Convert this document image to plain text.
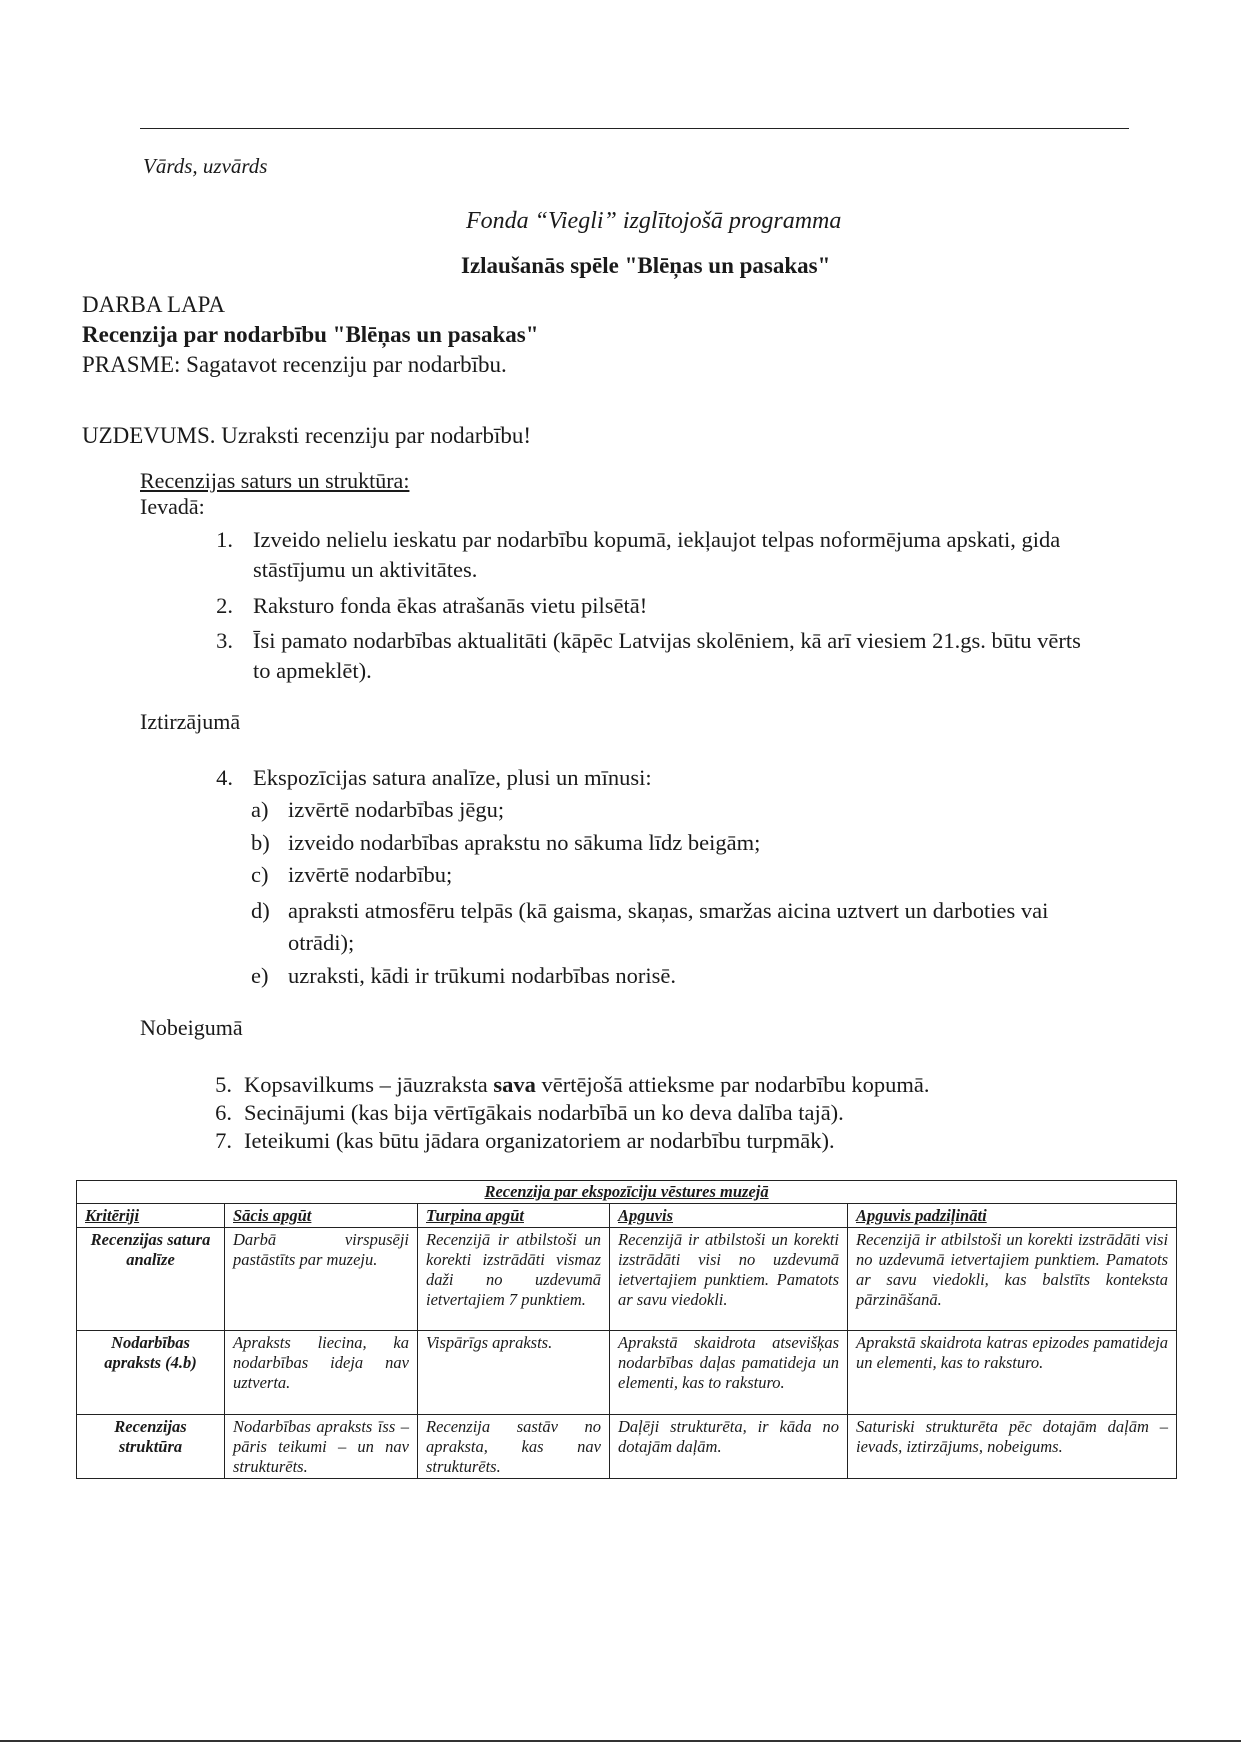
Vārds, uzvārds
Fonda “Viegli” izglītojošā programma
Izlaušanās spēle "Blēņas un pasakas"
DARBA LAPA
Recenzija par nodarbību "Blēņas un pasakas"
PRASME: Sagatavot recenziju par nodarbību.
UZDEVUMS. Uzraksti recenziju par nodarbību!
Recenzijas saturs un struktūra:
Ievadā:
1. Izveido nelielu ieskatu par nodarbību kopumā, iekļaujot telpas noformējuma apskati, gida
stāstījumu un aktivitātes.
2. Raksturo fonda ēkas atrašanās vietu pilsētā!
3. Īsi pamato nodarbības aktualitāti (kāpēc Latvijas skolēniem, kā arī viesiem 21.gs. būtu vērts
to apmeklēt).
Iztirzājumā
4. Ekspozīcijas satura analīze, plusi un mīnusi:
a) izvērtē nodarbības jēgu;
b) izveido nodarbības aprakstu no sākuma līdz beigām;
c) izvērtē nodarbību;
d) apraksti atmosfēru telpās (kā gaisma, skaņas, smaržas aicina uztvert un darboties vai
otrādi);
e) uzraksti, kādi ir trūkumi nodarbības norisē.
Nobeigumā
5. Kopsavilkums – jāuzraksta sava vērtējošā attieksme par nodarbību kopumā.
6. Secinājumi (kas bija vērtīgākais nodarbībā un ko deva dalība tajā).
7. Ieteikumi (kas būtu jādara organizatoriem ar nodarbību turpmāk).
Recenzija par ekspozīciju vēstures muzejā				
Kritēriji	Sācis apgūt	Turpina apgūt	Apguvis	Apguvis padziļināti
Recenzijas satura analīze	Darbā virspusēji pastāstīts par muzeju.	Recenzijā ir atbilstoši un korekti izstrādāti vismaz daži no uzdevumā ietvertajiem 7 punktiem.	Recenzijā ir atbilstoši un korekti izstrādāti visi no uzdevumā ietvertajiem punktiem. Pamatots ar savu viedokli.	Recenzijā ir atbilstoši un korekti izstrādāti visi no uzdevumā ietvertajiem punktiem. Pamatots ar savu viedokli, kas balstīts konteksta pārzināšanā.
Nodarbības apraksts (4.b)	Apraksts liecina, ka nodarbības ideja nav uztverta.	Vispārīgs apraksts.	Aprakstā skaidrota atsevišķas nodarbības daļas pamatideja un elementi, kas to raksturo.	Aprakstā skaidrota katras epizodes pamatideja un elementi, kas to raksturo.
Recenzijas struktūra	Nodarbības apraksts īss – pāris teikumi – un nav strukturēts.	Recenzija sastāv no apraksta, kas nav strukturēts.	Daļēji strukturēta, ir kāda no dotajām daļām.	Saturiski strukturēta pēc dotajām daļām – ievads, iztirzājums, nobeigums.
